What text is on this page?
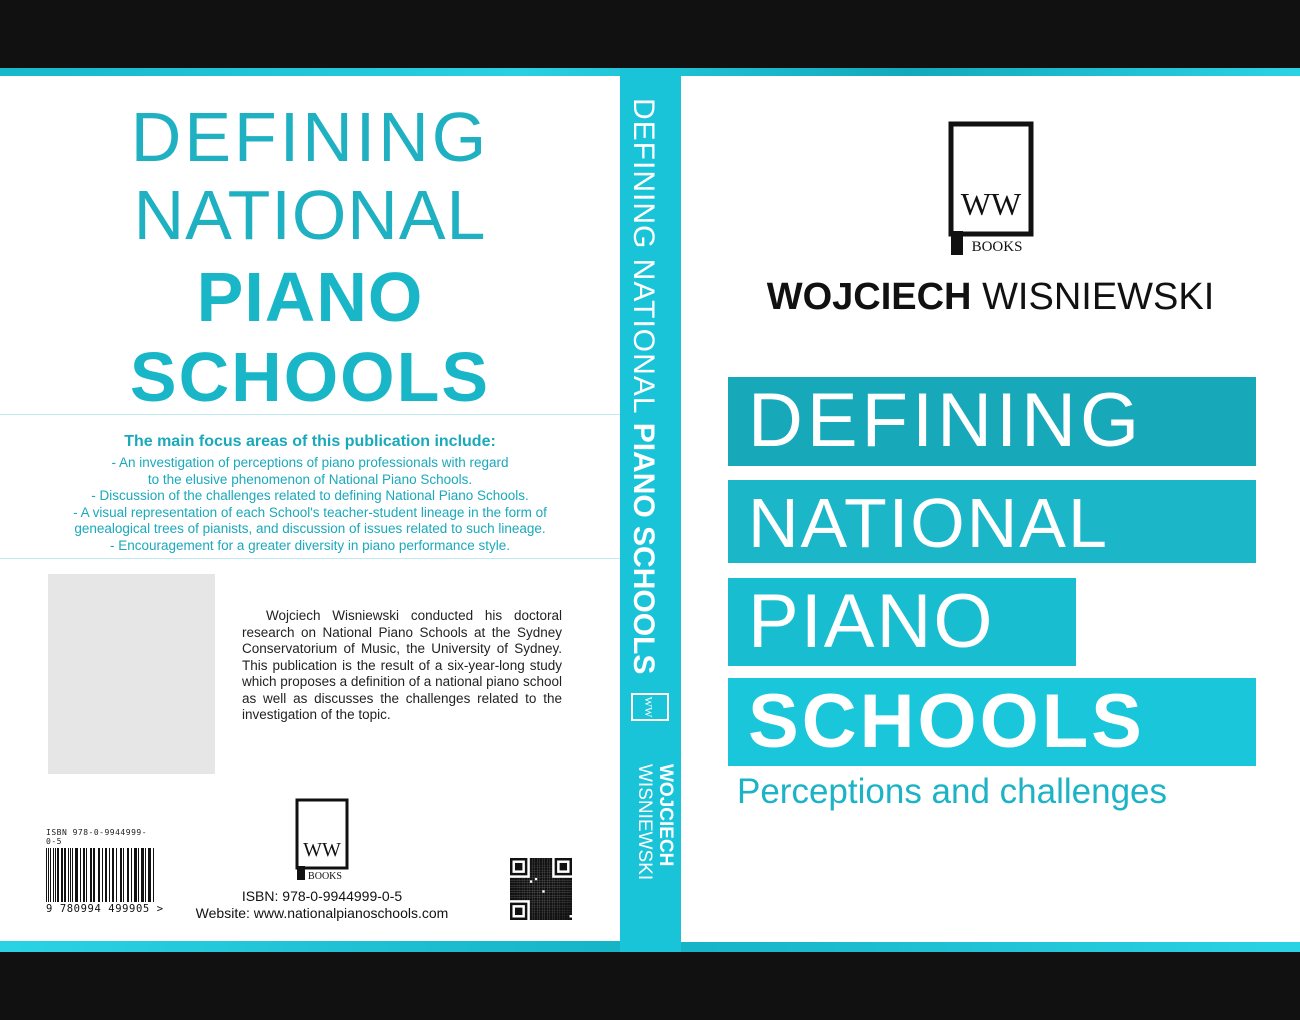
DEFINING
NATIONAL
PIANO
SCHOOLS
The main focus areas of this publication include:
- An investigation of perceptions of piano professionals with regard
to the elusive phenomenon of National Piano Schools.
- Discussion of the challenges related to defining National Piano Schools.
- A visual representation of each School's teacher-student lineage in the form of
genealogical trees of pianists, and discussion of issues related to such lineage.
- Encouragement for a greater diversity in piano performance style.

Wojciech Wisniewski conducted his doctoral research on National Piano Schools at the Sydney Conservatorium of Music, the University of Sydney. This publication is the result of a six-year-long study which proposes a definition of a national piano school as well as discusses the challenges related to the investigation of the topic.

ISBN 978-0-9944999-0-5
9 780994 499905 >
WW
BOOKS
ISBN: 978-0-9944999-0-5
Website: www.nationalpianoschools.com
DEFINING NATIONAL PIANO SCHOOLS
WW
WOJCIECH
WISNIEWSKI
WW
BOOKS
WOJCIECH WISNIEWSKI
DEFINING
NATIONAL
PIANO
SCHOOLS
Perceptions and challenges
